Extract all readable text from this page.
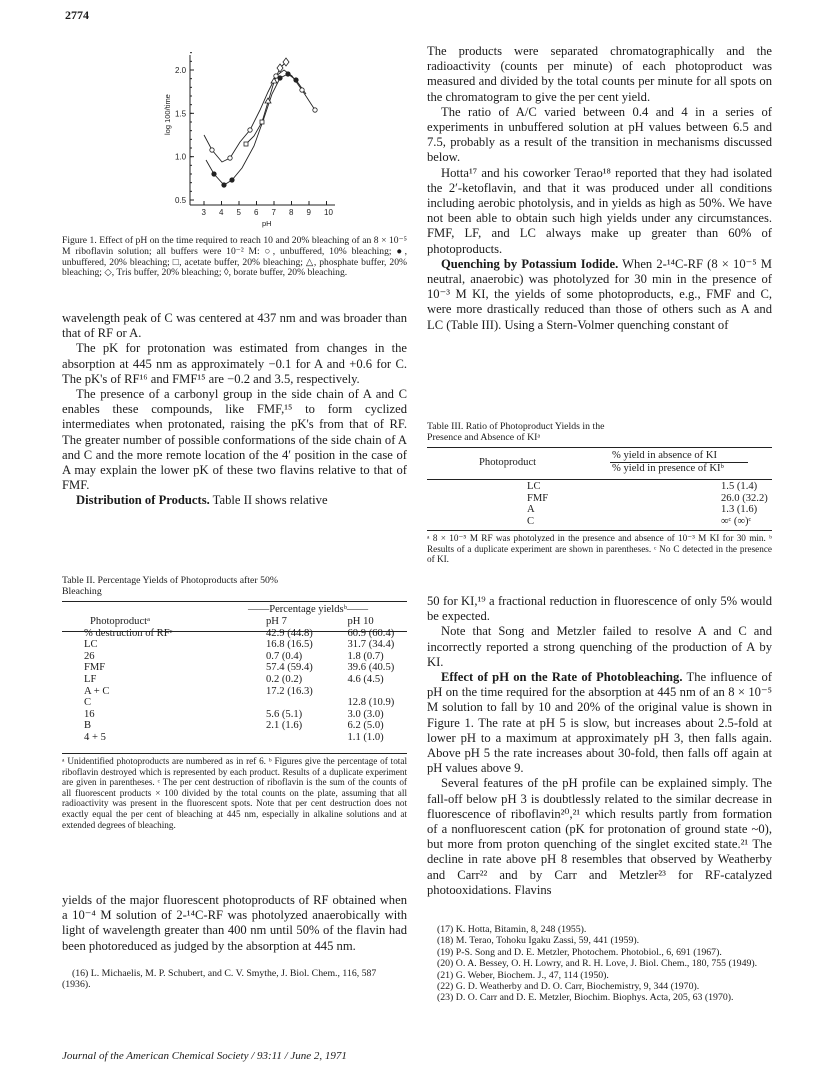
2774
2.0
1.5
1.0
0.5
3 4 5 6 7 8 9 10
log 100/time
pH
Figure 1. Effect of pH on the time required to reach 10 and 20% bleaching of an 8 × 10⁻⁵ M riboflavin solution; all buffers were 10⁻² M: ○, unbuffered, 10% bleaching; ●, unbuffered, 20% bleaching; □, acetate buffer, 20% bleaching; △, phosphate buffer, 20% bleaching; ◇, Tris buffer, 20% bleaching; ◊, borate buffer, 20% bleaching.

wavelength peak of C was centered at 437 nm and was broader than that of RF or A.

The pK for protonation was estimated from changes in the absorption at 445 nm as approximately −0.1 for A and +0.6 for C. The pK's of RF¹⁶ and FMF¹⁵ are −0.2 and 3.5, respectively.

The presence of a carbonyl group in the side chain of A and C enables these compounds, like FMF,¹⁵ to form cyclized intermediates when protonated, raising the pK's from that of RF. The greater number of possible conformations of the side chain of A and C and the more remote location of the 4′ position in the case of A may explain the lower pK of these two flavins relative to that of FMF.

Distribution of Products. Table II shows relative

Table II. Percentage Yields of Photoproducts after 50% Bleaching
——Percentage yieldsᵇ——
Photoproductᵃ	pH 7	pH 10
% destruction of RFᶜ	42.9 (44.8)	60.9 (60.4)
LC	16.8 (16.5)	31.7 (34.4)
26	0.7 (0.4)	1.8 (0.7)
FMF	57.4 (59.4)	39.6 (40.5)
LF	0.2 (0.2)	4.6 (4.5)
A + C	17.2 (16.3)	
C		12.8 (10.9)
16	5.6 (5.1)	3.0 (3.0)
B	2.1 (1.6)	6.2 (5.0)
4 + 5		1.1 (1.0)
ᵃ Unidentified photoproducts are numbered as in ref 6. ᵇ Figures give the percentage of total riboflavin destroyed which is represented by each product. Results of a duplicate experiment are given in parentheses. ᶜ The per cent destruction of riboflavin is the sum of the counts of all fluorescent products × 100 divided by the total counts on the plate, assuming that all radioactivity was present in the fluorescent spots. Note that per cent destruction does not exactly equal the per cent of bleaching at 445 nm, especially in alkaline solutions and at extended degrees of bleaching.

yields of the major fluorescent photoproducts of RF obtained when a 10⁻⁴ M solution of 2-¹⁴C-RF was photolyzed anaerobically with light of wavelength greater than 400 nm until 50% of the flavin had been photoreduced as judged by the absorption at 445 nm.

(16) L. Michaelis, M. P. Schubert, and C. V. Smythe, J. Biol. Chem., 116, 587 (1936).

The products were separated chromatographically and the radioactivity (counts per minute) of each photoproduct was measured and divided by the total counts per minute for all spots on the chromatogram to give the per cent yield.

The ratio of A/C varied between 0.4 and 4 in a series of experiments in unbuffered solution at pH values between 6.5 and 7.5, probably as a result of the transition in mechanisms discussed below.

Hotta¹⁷ and his coworker Terao¹⁸ reported that they had isolated the 2′-ketoflavin, and that it was produced under all conditions including aerobic photolysis, and in yields as high as 50%. We have not been able to obtain such high yields under any circumstances. FMF, LF, and LC always make up greater than 60% of photoproducts.

Quenching by Potassium Iodide. When 2-¹⁴C-RF (8 × 10⁻⁵ M neutral, anaerobic) was photolyzed for 30 min in the presence of 10⁻³ M KI, the yields of some photoproducts, e.g., FMF and C, were more drastically reduced than those of others such as A and LC (Table III). Using a Stern-Volmer quenching constant of

Table III. Ratio of Photoproduct Yields in the
Presence and Absence of KIᵃ
Photoproduct
% yield in absence of KI
% yield in presence of KIᵇ
LC	1.5 (1.4)
FMF	26.0 (32.2)
A	1.3 (1.6)
C	∞ᶜ (∞)ᶜ
ᵃ 8 × 10⁻⁵ M RF was photolyzed in the presence and absence of 10⁻³ M KI for 30 min. ᵇ Results of a duplicate experiment are shown in parentheses. ᶜ No C detected in the presence of KI.

50 for KI,¹⁹ a fractional reduction in fluorescence of only 5% would be expected.

Note that Song and Metzler failed to resolve A and C and incorrectly reported a strong quenching of the production of A by KI.

Effect of pH on the Rate of Photobleaching. The influence of pH on the time required for the absorption at 445 nm of an 8 × 10⁻⁵ M solution to fall by 10 and 20% of the original value is shown in Figure 1. The rate at pH 5 is slow, but increases about 2.5-fold at lower pH to a maximum at approximately pH 3, then falls again. Above pH 5 the rate increases about 30-fold, then falls off again at pH values above 9.

Several features of the pH profile can be explained simply. The fall-off below pH 3 is doubtlessly related to the similar decrease in fluorescence of riboflavin²⁰,²¹ which results partly from formation of a nonfluorescent cation (pK for protonation of ground state ~0), but more from proton quenching of the singlet excited state.²¹ The decline in rate above pH 8 resembles that observed by Weatherby and Carr²² and by Carr and Metzler²³ for RF-catalyzed photooxidations. Flavins

(17) K. Hotta, Bitamin, 8, 248 (1955).
(18) M. Terao, Tohoku Igaku Zassi, 59, 441 (1959).
(19) P-S. Song and D. E. Metzler, Photochem. Photobiol., 6, 691 (1967).
(20) O. A. Bessey, O. H. Lowry, and R. H. Love, J. Biol. Chem., 180, 755 (1949).
(21) G. Weber, Biochem. J., 47, 114 (1950).
(22) G. D. Weatherby and D. O. Carr, Biochemistry, 9, 344 (1970).
(23) D. O. Carr and D. E. Metzler, Biochim. Biophys. Acta, 205, 63 (1970).
Journal of the American Chemical Society / 93:11 / June 2, 1971
